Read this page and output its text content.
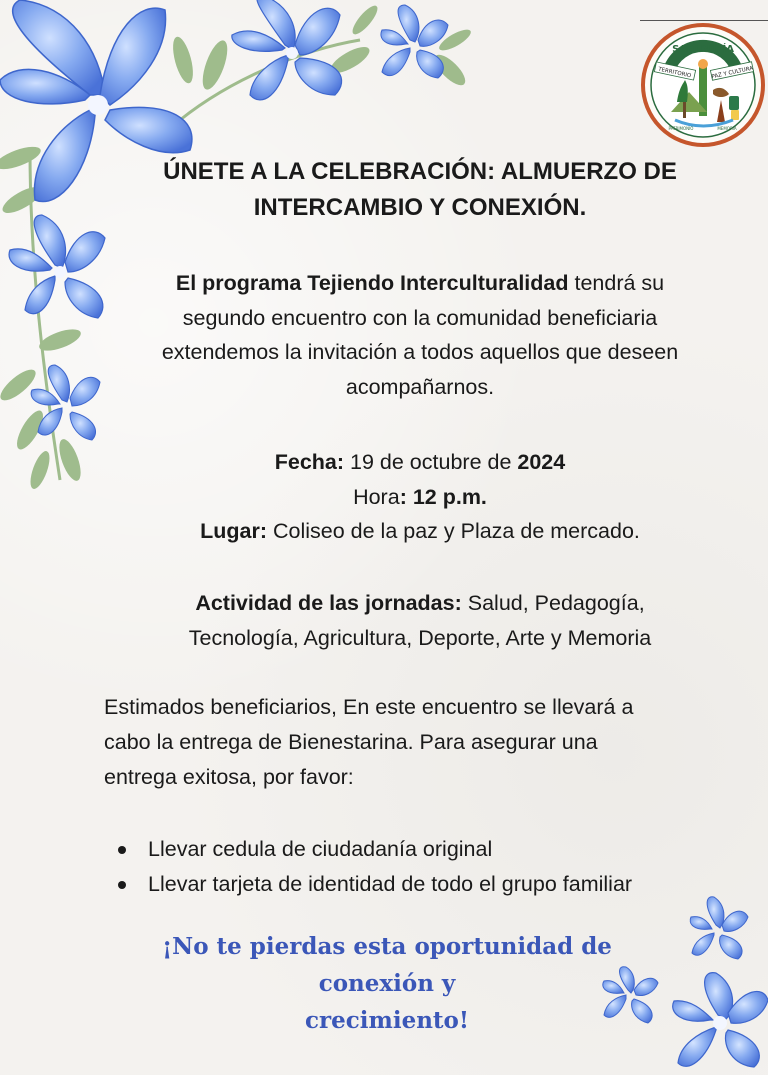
SABIDURÍA
TERRITORIO	PAZ Y CULTURA
PATRIMONIO	MEMORIA
ÚNETE A LA CELEBRACIÓN: ALMUERZO DE
INTERCAMBIO Y CONEXIÓN.
El programa Tejiendo Interculturalidad tendrá su
segundo encuentro con la comunidad beneficiaria
extendemos la invitación a todos aquellos que deseen
acompañarnos.
Fecha: 19 de octubre de 2024
Hora: 12 p.m.
Lugar: Coliseo de la paz y Plaza de mercado.
Actividad de las jornadas: Salud, Pedagogía,
Tecnología, Agricultura, Deporte, Arte y Memoria
Estimados beneficiarios, En este encuentro se llevará a
cabo la entrega de Bienestarina. Para asegurar una
entrega exitosa, por favor:
Llevar cedula de ciudadanía original
Llevar tarjeta de identidad de todo el grupo familiar
¡No te pierdas esta oportunidad de conexión y
crecimiento!
